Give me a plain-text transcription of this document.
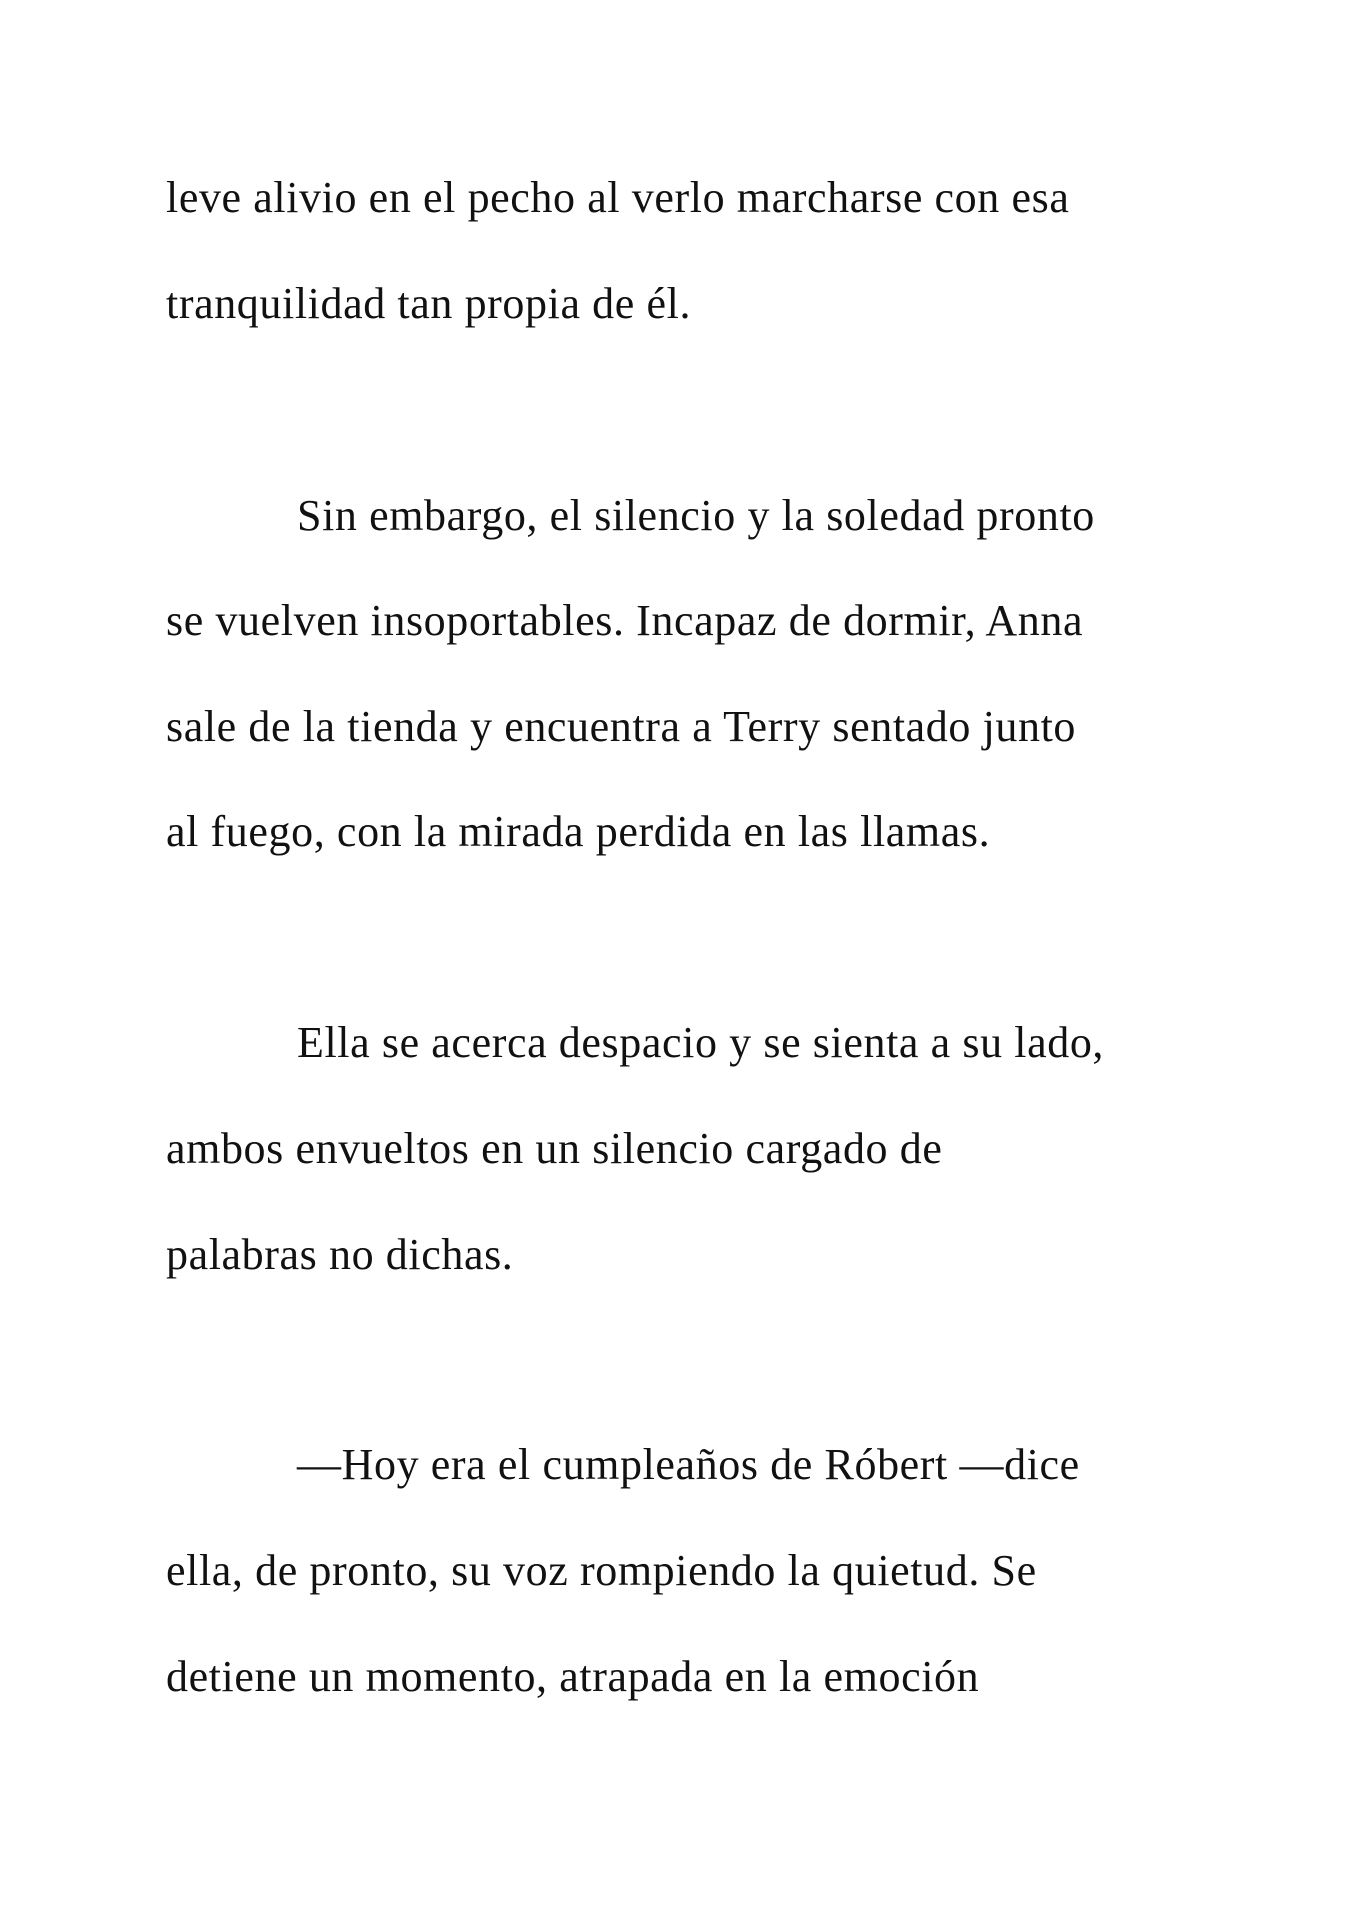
leve alivio en el pecho al verlo marcharse con esa
tranquilidad tan propia de él.
Sin embargo, el silencio y la soledad pronto
se vuelven insoportables. Incapaz de dormir, Anna
sale de la tienda y encuentra a Terry sentado junto
al fuego, con la mirada perdida en las llamas.
Ella se acerca despacio y se sienta a su lado,
ambos envueltos en un silencio cargado de
palabras no dichas.
—Hoy era el cumpleaños de Róbert —dice
ella, de pronto, su voz rompiendo la quietud. Se
detiene un momento, atrapada en la emoción
